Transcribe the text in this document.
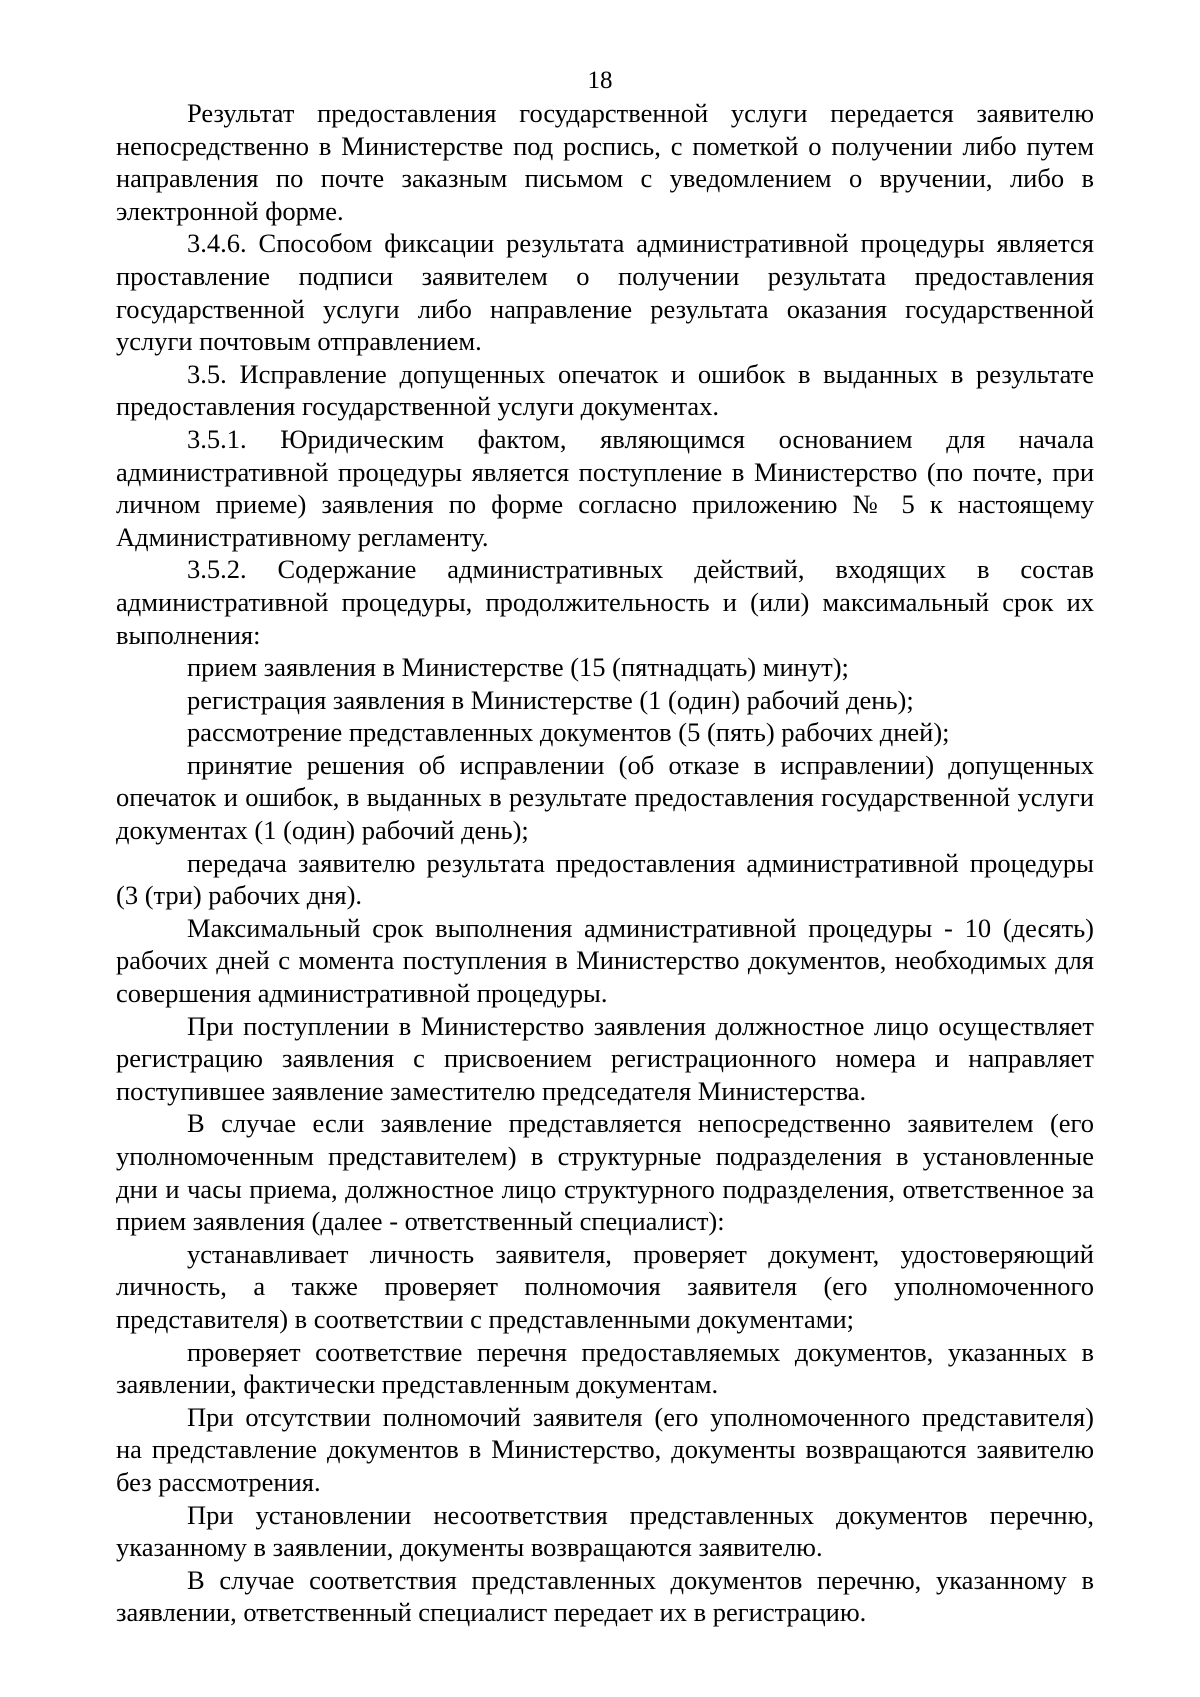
18

Результат предоставления государственной услуги передается заявителю непосредственно в Министерстве под роспись, с пометкой о получении либо путем направления по почте заказным письмом с уведомлением о вручении, либо в электронной форме.

3.4.6. Способом фиксации результата административной процедуры является проставление подписи заявителем о получении результата предоставления государственной услуги либо направление результата оказания государственной услуги почтовым отправлением.

3.5. Исправление допущенных опечаток и ошибок в выданных в результате предоставления государственной услуги документах.

3.5.1. Юридическим фактом, являющимся основанием для начала административной процедуры является поступление в Министерство (по почте, при личном приеме) заявления по форме согласно приложению № 5 к настоящему Административному регламенту.

3.5.2. Содержание административных действий, входящих в состав административной процедуры, продолжительность и (или) максимальный срок их выполнения:

прием заявления в Министерстве (15 (пятнадцать) минут);

регистрация заявления в Министерстве (1 (один) рабочий день);

рассмотрение представленных документов (5 (пять) рабочих дней);

принятие решения об исправлении (об отказе в исправлении) допущенных опечаток и ошибок, в выданных в результате предоставления государственной услуги документах (1 (один) рабочий день);

передача заявителю результата предоставления административной процедуры (3 (три) рабочих дня).

Максимальный срок выполнения административной процедуры - 10 (десять) рабочих дней с момента поступления в Министерство документов, необходимых для совершения административной процедуры.

При поступлении в Министерство заявления должностное лицо осуществляет регистрацию заявления с присвоением регистрационного номера и направляет поступившее заявление заместителю председателя Министерства.

В случае если заявление представляется непосредственно заявителем (его уполномоченным представителем) в структурные подразделения в установленные дни и часы приема, должностное лицо структурного подразделения, ответственное за прием заявления (далее - ответственный специалист):

устанавливает личность заявителя, проверяет документ, удостоверяющий личность, а также проверяет полномочия заявителя (его уполномоченного представителя) в соответствии с представленными документами;

проверяет соответствие перечня предоставляемых документов, указанных в заявлении, фактически представленным документам.

При отсутствии полномочий заявителя (его уполномоченного представителя) на представление документов в Министерство, документы возвращаются заявителю без рассмотрения.

При установлении несоответствия представленных документов перечню, указанному в заявлении, документы возвращаются заявителю.

В случае соответствия представленных документов перечню, указанному в заявлении, ответственный специалист передает их в регистрацию.
